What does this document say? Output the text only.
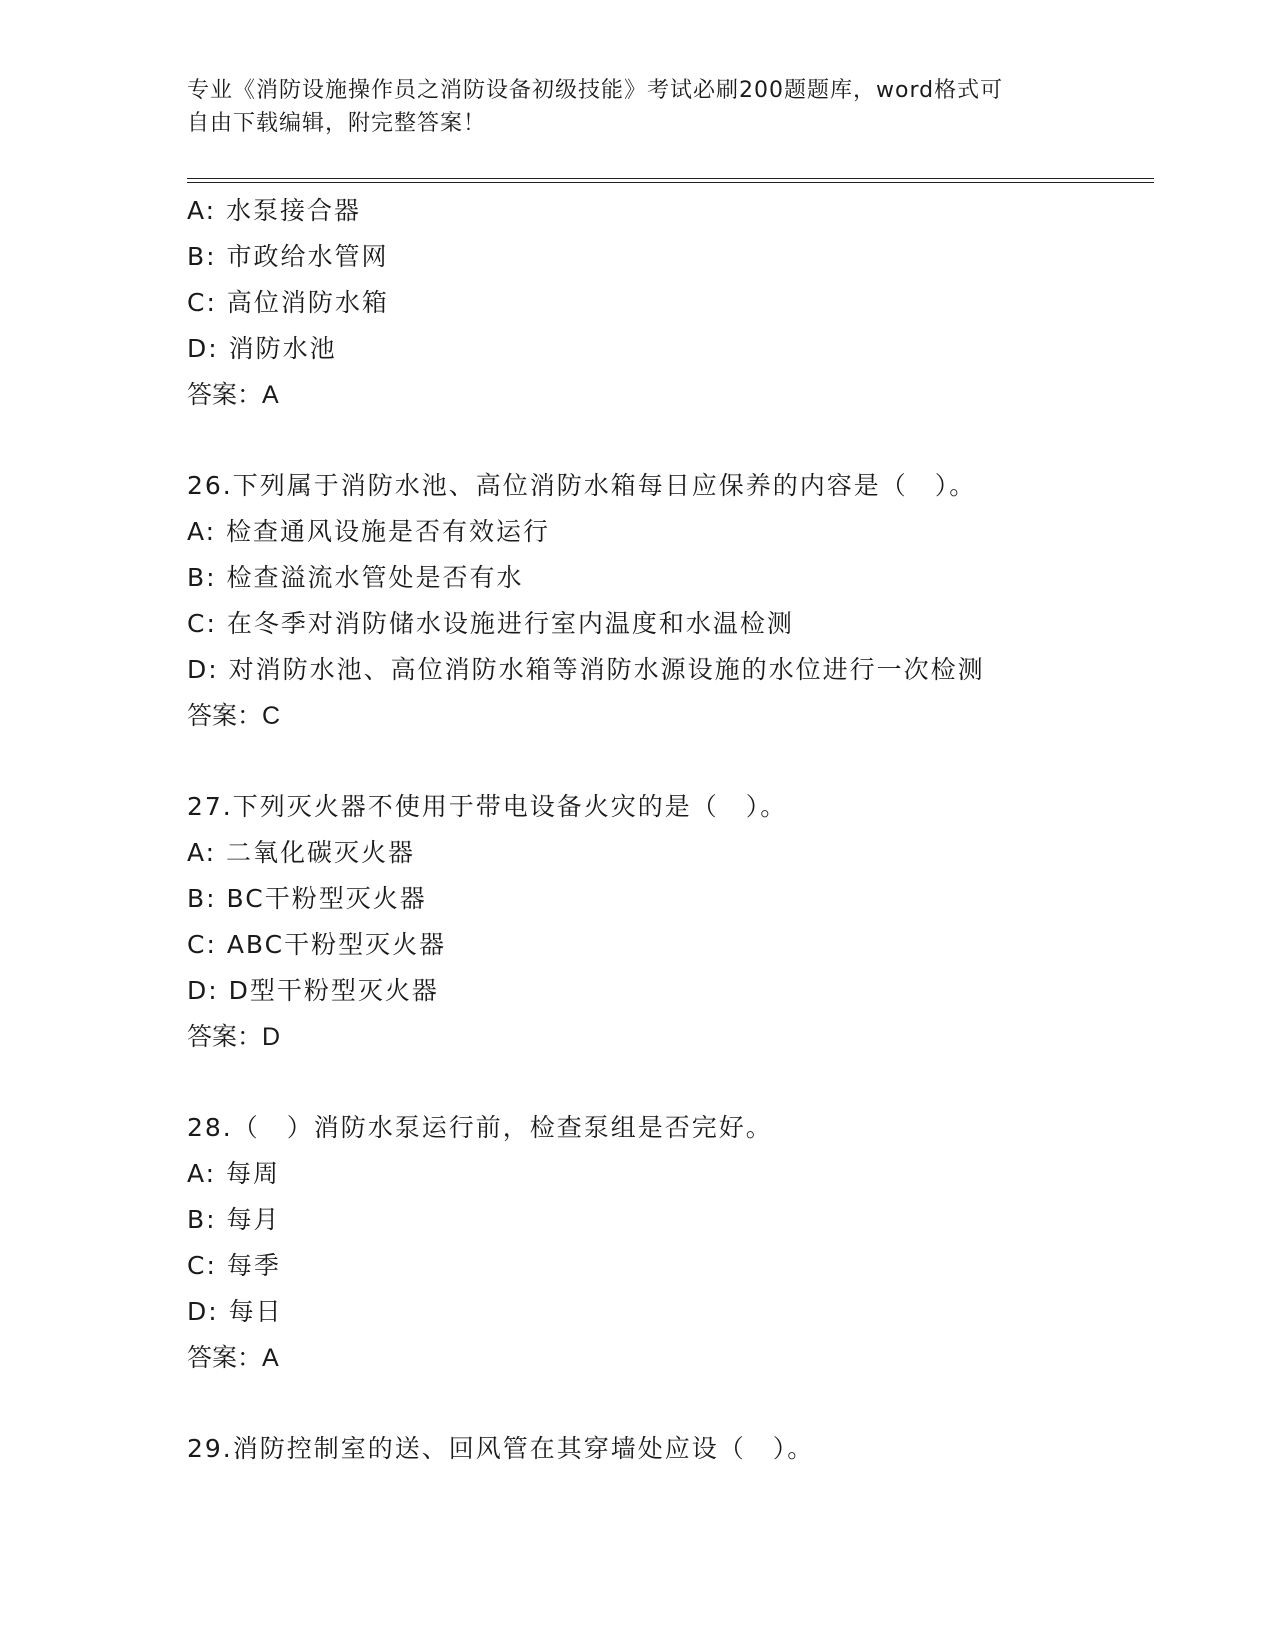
专业《消防设施操作员之消防设备初级技能》考试必刷200题题库，word格式可
自由下载编辑，附完整答案！
A: 水泵接合器
B: 市政给水管网
C: 高位消防水箱
D: 消防水池
答案：A
26.下列属于消防水池、高位消防水箱每日应保养的内容是（　）。
A: 检查通风设施是否有效运行
B: 检查溢流水管处是否有水
C: 在冬季对消防储水设施进行室内温度和水温检测
D: 对消防水池、高位消防水箱等消防水源设施的水位进行一次检测
答案：C
27.下列灭火器不使用于带电设备火灾的是（　）。
A: 二氧化碳灭火器
B: BC干粉型灭火器
C: ABC干粉型灭火器
D: D型干粉型灭火器
答案：D
28.（　）消防水泵运行前，检查泵组是否完好。
A: 每周
B: 每月
C: 每季
D: 每日
答案：A
29.消防控制室的送、回风管在其穿墙处应设（　）。
